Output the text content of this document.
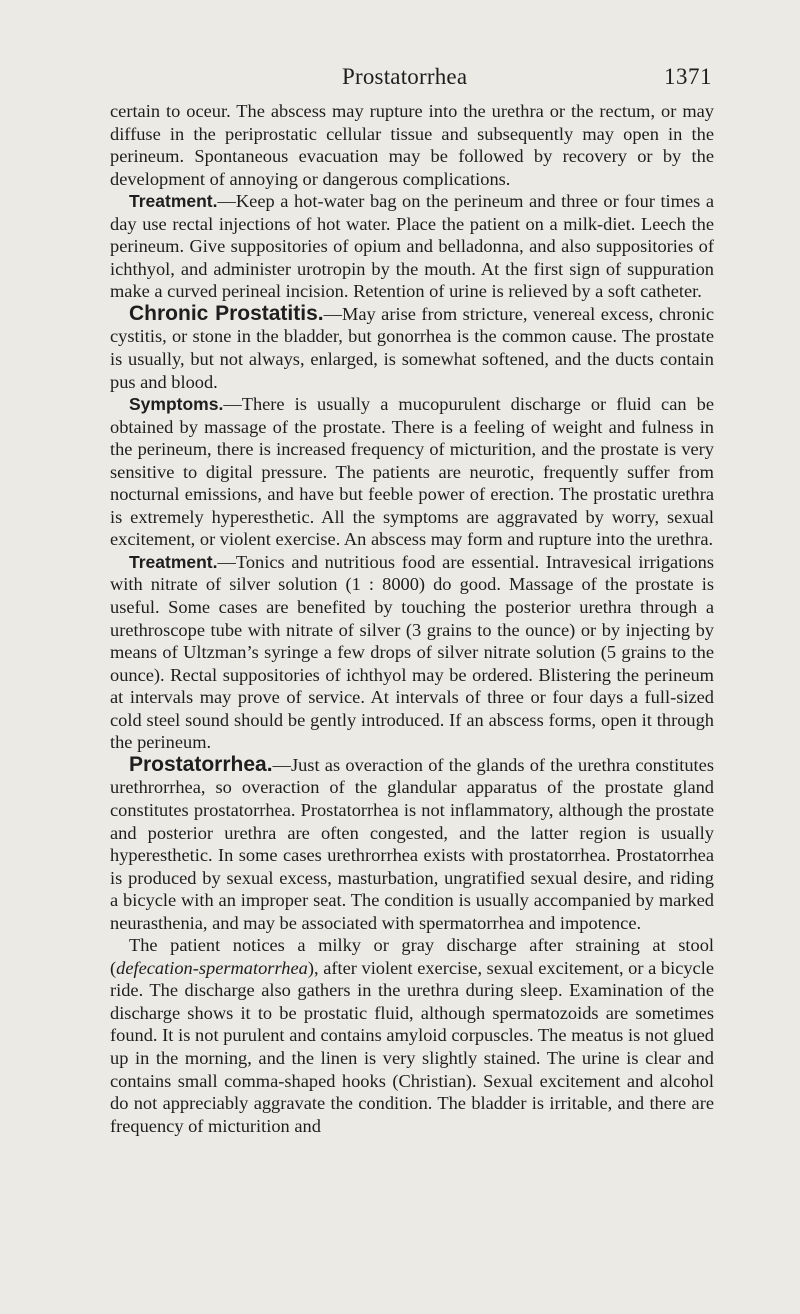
Prostatorrhea	1371

certain to oceur. The abscess may rupture into the urethra or the rectum, or may diffuse in the periprostatic cellular tissue and subsequently may open in the perineum. Spontaneous evacuation may be followed by recovery or by the development of annoying or dangerous complications.

Treatment.—Keep a hot-water bag on the perineum and three or four times a day use rectal injections of hot water. Place the patient on a milk-diet. Leech the perineum. Give suppositories of opium and belladonna, and also suppositories of ichthyol, and administer urotropin by the mouth. At the first sign of suppuration make a curved perineal incision. Retention of urine is relieved by a soft catheter.

Chronic Prostatitis.—May arise from stricture, venereal excess, chronic cystitis, or stone in the bladder, but gonorrhea is the common cause. The prostate is usually, but not always, enlarged, is somewhat softened, and the ducts contain pus and blood.

Symptoms.—There is usually a mucopurulent discharge or fluid can be obtained by massage of the prostate. There is a feeling of weight and fulness in the perineum, there is increased frequency of micturition, and the prostate is very sensitive to digital pressure. The patients are neurotic, frequently suffer from nocturnal emissions, and have but feeble power of erection. The prostatic urethra is extremely hyperesthetic. All the symptoms are aggravated by worry, sexual excitement, or violent exercise. An abscess may form and rupture into the urethra.

Treatment.—Tonics and nutritious food are essential. Intravesical irrigations with nitrate of silver solution (1 : 8000) do good. Massage of the prostate is useful. Some cases are benefited by touching the posterior urethra through a urethroscope tube with nitrate of silver (3 grains to the ounce) or by injecting by means of Ultzman’s syringe a few drops of silver nitrate solution (5 grains to the ounce). Rectal suppositories of ichthyol may be ordered. Blistering the perineum at intervals may prove of service. At intervals of three or four days a full-sized cold steel sound should be gently introduced. If an abscess forms, open it through the perineum.

Prostatorrhea.—Just as overaction of the glands of the urethra constitutes urethrorrhea, so overaction of the glandular apparatus of the prostate gland constitutes prostatorrhea. Prostatorrhea is not inflammatory, although the prostate and posterior urethra are often congested, and the latter region is usually hyperesthetic. In some cases urethrorrhea exists with prostatorrhea. Prostatorrhea is produced by sexual excess, masturbation, ungratified sexual desire, and riding a bicycle with an improper seat. The condition is usually accompanied by marked neurasthenia, and may be associated with spermatorrhea and impotence.

The patient notices a milky or gray discharge after straining at stool (defecation-spermatorrhea), after violent exercise, sexual excitement, or a bicycle ride. The discharge also gathers in the urethra during sleep. Examination of the discharge shows it to be prostatic fluid, although spermatozoids are sometimes found. It is not purulent and contains amyloid corpuscles. The meatus is not glued up in the morning, and the linen is very slightly stained. The urine is clear and contains small comma-shaped hooks (Christian). Sexual excitement and alcohol do not appreciably aggravate the condition. The bladder is irritable, and there are frequency of micturition and
